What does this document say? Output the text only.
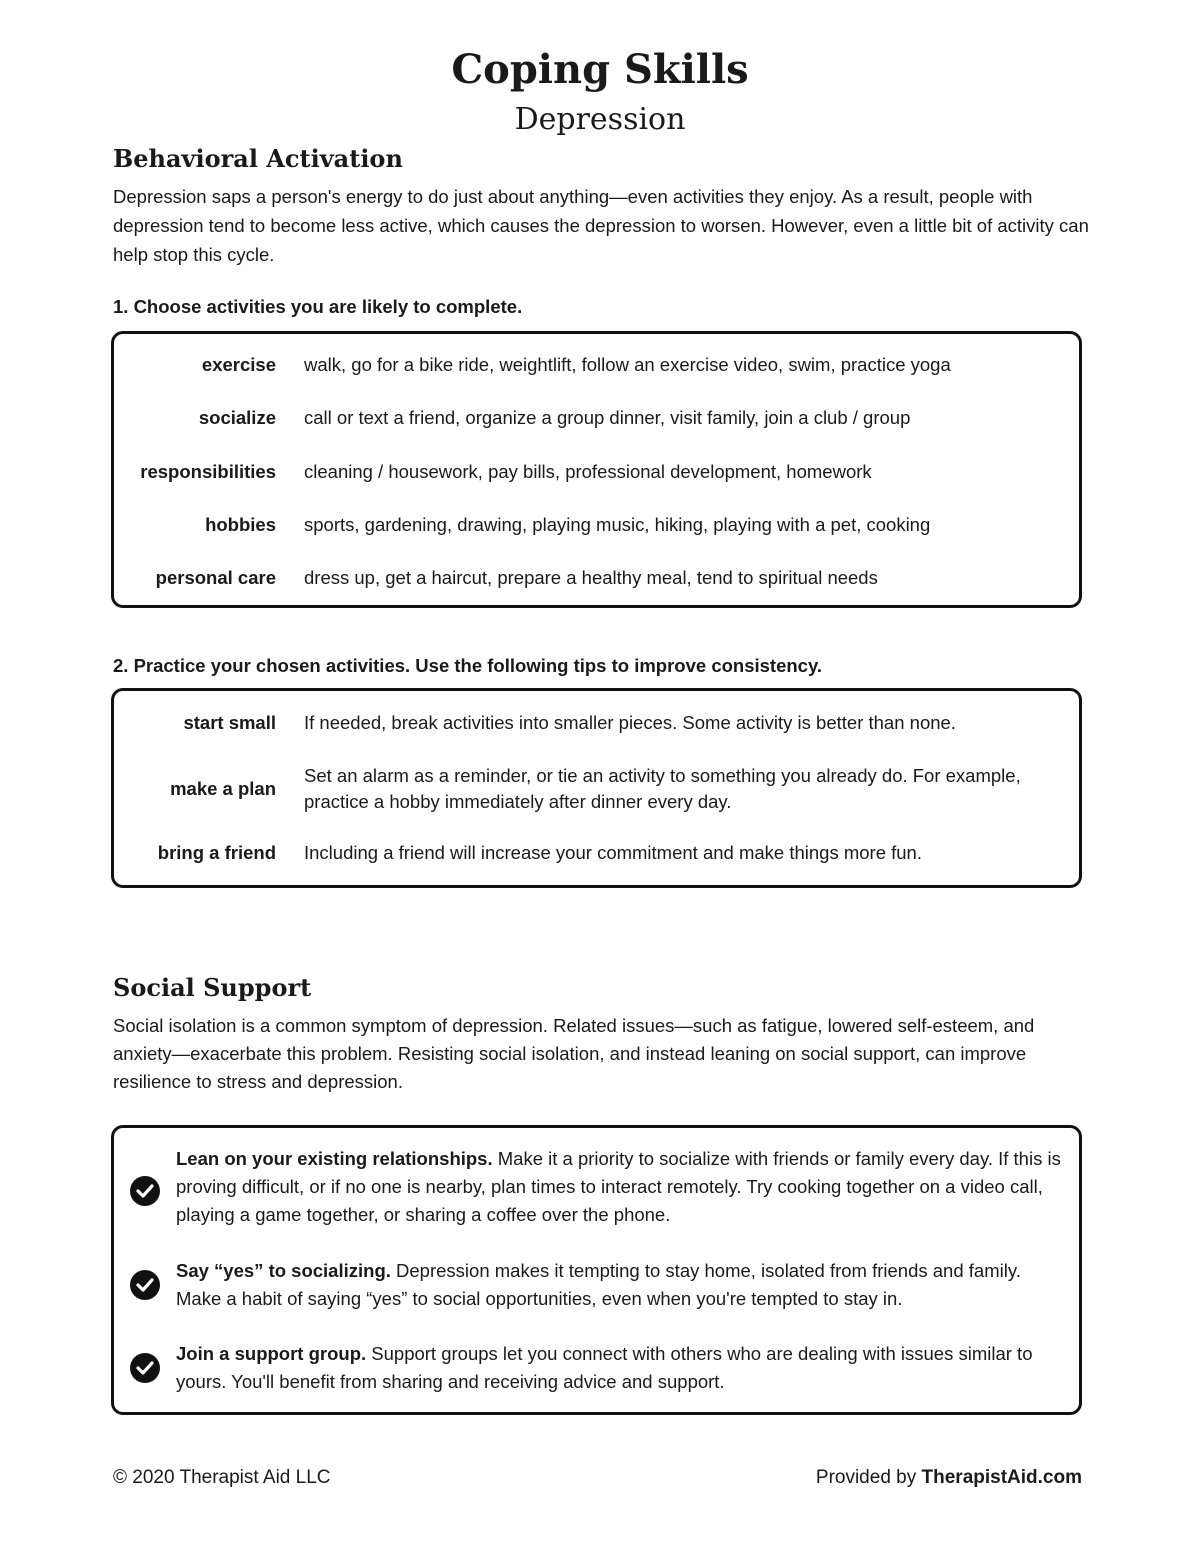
Coping Skills
Depression
Behavioral Activation
Depression saps a person's energy to do just about anything—even activities they enjoy. As a result, people with depression tend to become less active, which causes the depression to worsen. However, even a little bit of activity can help stop this cycle.
1. Choose activities you are likely to complete.
exercise walk, go for a bike ride, weightlift, follow an exercise video, swim, practice yoga
socialize call or text a friend, organize a group dinner, visit family, join a club / group
responsibilities cleaning / housework, pay bills, professional development, homework
hobbies sports, gardening, drawing, playing music, hiking, playing with a pet, cooking
personal care dress up, get a haircut, prepare a healthy meal, tend to spiritual needs
2. Practice your chosen activities. Use the following tips to improve consistency.
start small If needed, break activities into smaller pieces. Some activity is better than none.
make a plan
Set an alarm as a reminder, or tie an activity to something you already do. For example, practice a hobby immediately after dinner every day.
bring a friend Including a friend will increase your commitment and make things more fun.
Social Support
Social isolation is a common symptom of depression. Related issues—such as fatigue, lowered self-esteem, and anxiety—exacerbate this problem. Resisting social isolation, and instead leaning on social support, can improve resilience to stress and depression.
Lean on your existing relationships. Make it a priority to socialize with friends or family every day. If this is proving difficult, or if no one is nearby, plan times to interact remotely. Try cooking together on a video call, playing a game together, or sharing a coffee over the phone.
Say “yes” to socializing. Depression makes it tempting to stay home, isolated from friends and family. Make a habit of saying “yes” to social opportunities, even when you're tempted to stay in.
Join a support group. Support groups let you connect with others who are dealing with issues similar to yours. You'll benefit from sharing and receiving advice and support.
© 2020 Therapist Aid LLC	Provided by TherapistAid.com
